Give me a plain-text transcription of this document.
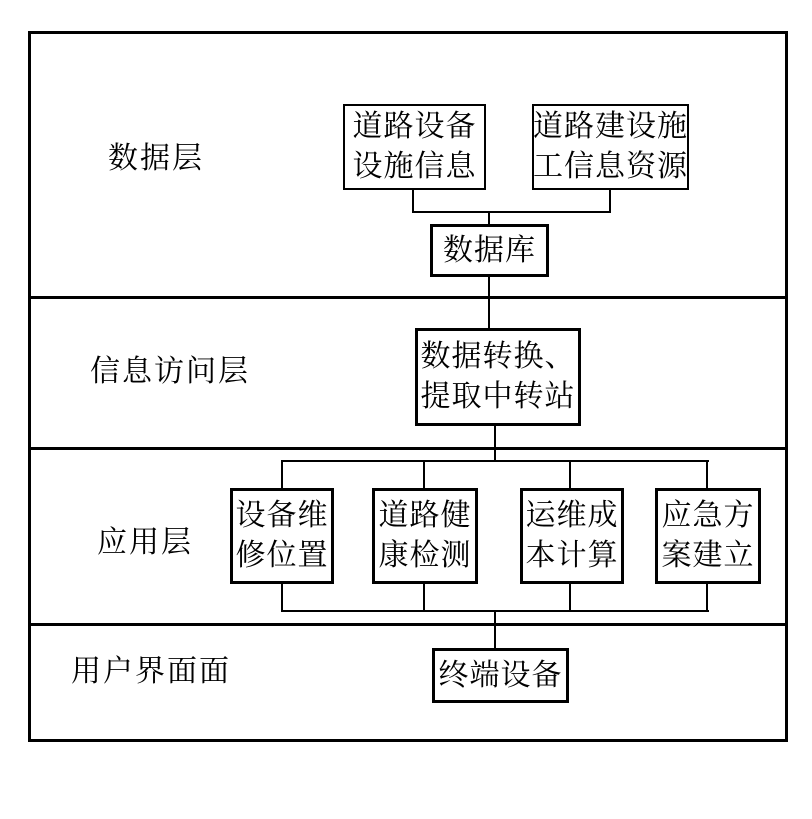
数据层
信息访问层
应用层
用户界面面
道路设备
设施信息
道路建设施
工信息资源
数据库
数据转换、
提取中转站
设备维
修位置
道路健
康检测
运维成
本计算
应急方
案建立
终端设备
